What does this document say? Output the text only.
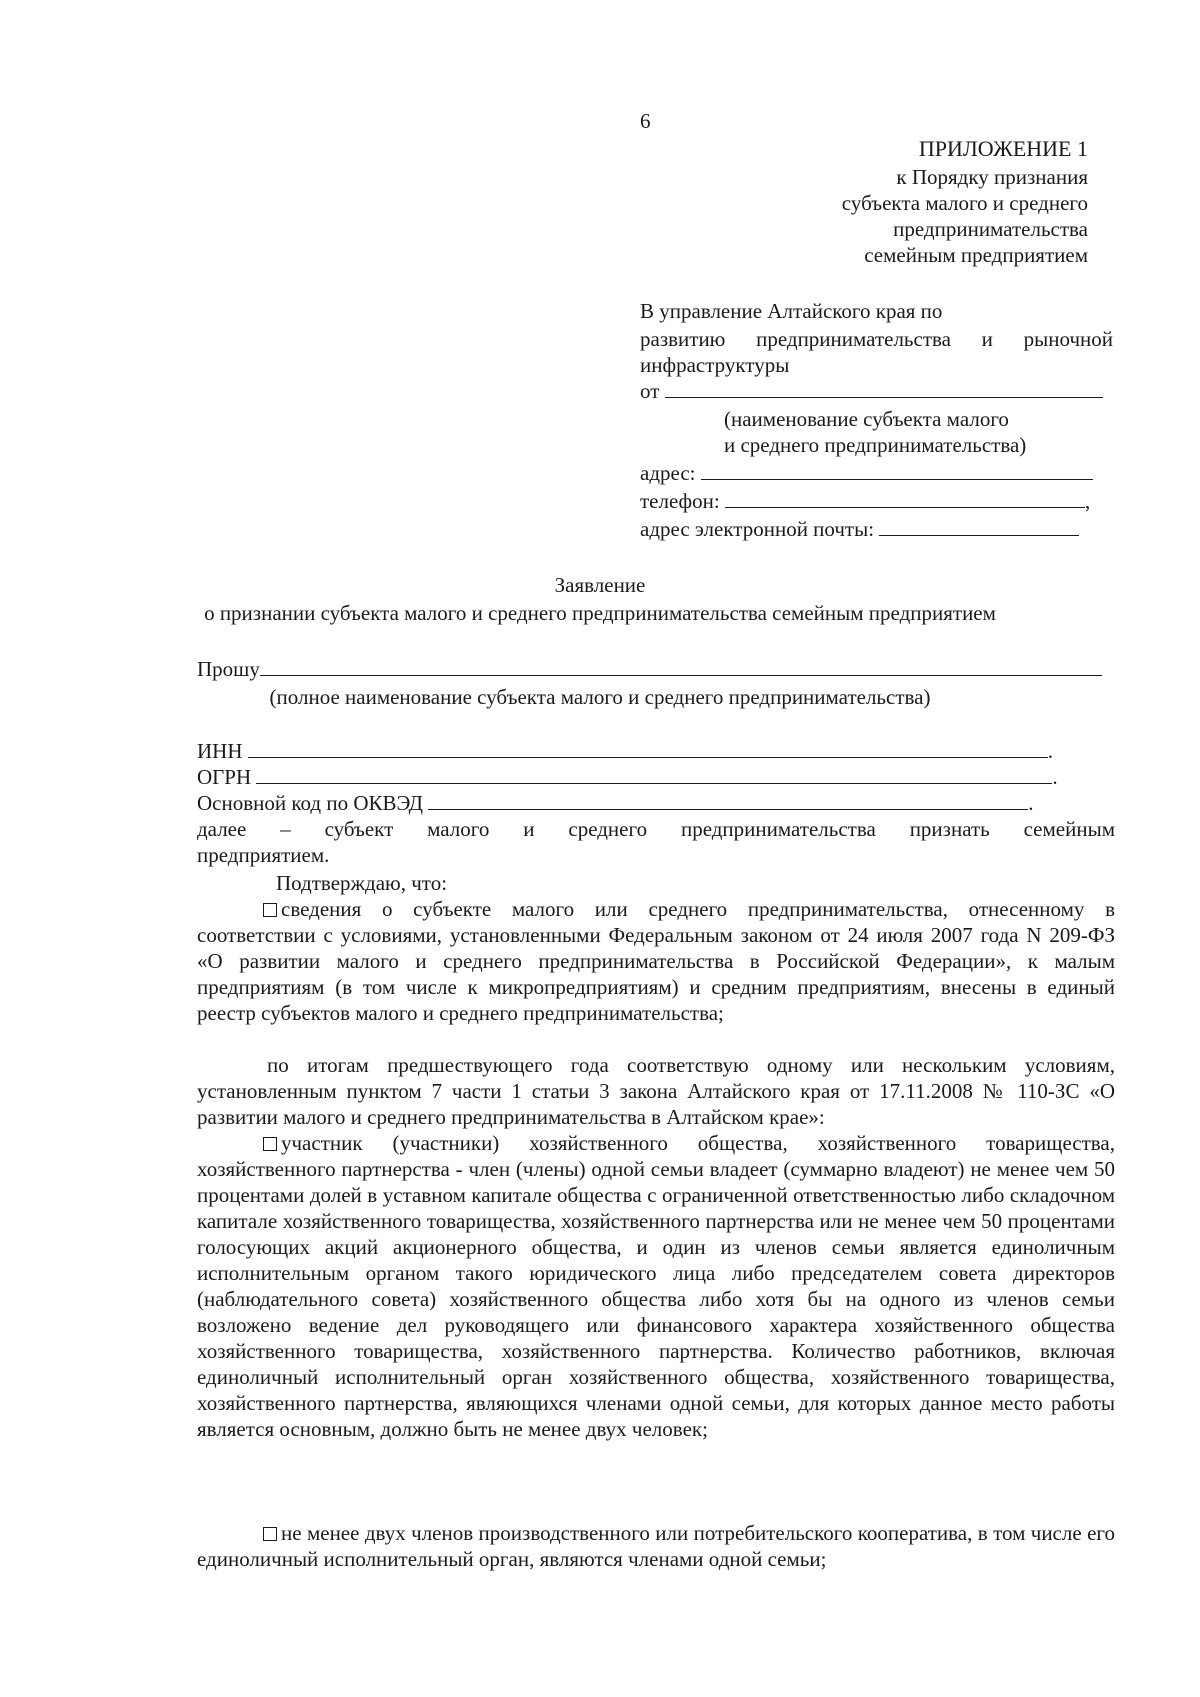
6
ПРИЛОЖЕНИЕ 1
к Порядку признания
субъекта малого и среднего
предпринимательства
семейным предприятием
В управление Алтайского края по
развитию предпринимательства и рыночной
инфраструктуры
от
(наименование субъекта малого
и среднего предпринимательства)
адрес:
телефон:	,
адрес электронной почты:
Заявление
о признании субъекта малого и среднего предпринимательства семейным предприятием
Прошу
(полное наименование субъекта малого и среднего предпринимательства)
ИНН	.
ОГРН	.
Основной код по ОКВЭД	.
далее – субъект малого и среднего предпринимательства признать семейным
предприятием.
Подтверждаю, что:
сведения о субъекте малого или среднего предпринимательства, отнесенному в соответствии с условиями, установленными Федеральным законом от 24 июля 2007 года N 209-ФЗ «О развитии малого и среднего предпринимательства в Российской Федерации», к малым предприятиям (в том числе к микропредприятиям) и средним предприятиям, внесены в единый реестр субъектов малого и среднего предпринимательства;
по итогам предшествующего года соответствую одному или нескольким условиям, установленным пунктом 7 части 1 статьи 3 закона Алтайского края от 17.11.2008 № 110-ЗС «О развитии малого и среднего предпринимательства в Алтайском крае»:
участник (участники) хозяйственного общества, хозяйственного товарищества, хозяйственного партнерства - член (члены) одной семьи владеет (суммарно владеют) не менее чем 50 процентами долей в уставном капитале общества с ограниченной ответственностью либо складочном капитале хозяйственного товарищества, хозяйственного партнерства или не менее чем 50 процентами голосующих акций акционерного общества, и один из членов семьи является единоличным исполнительным органом такого юридического лица либо председателем совета директоров (наблюдательного совета) хозяйственного общества либо хотя бы на одного из членов семьи возложено ведение дел руководящего или финансового характера хозяйственного общества хозяйственного товарищества, хозяйственного партнерства. Количество работников, включая единоличный исполнительный орган хозяйственного общества, хозяйственного товарищества, хозяйственного партнерства, являющихся членами одной семьи, для которых данное место работы является основным, должно быть не менее двух человек;
не менее двух членов производственного или потребительского кооператива, в том числе его единоличный исполнительный орган, являются членами одной семьи;
